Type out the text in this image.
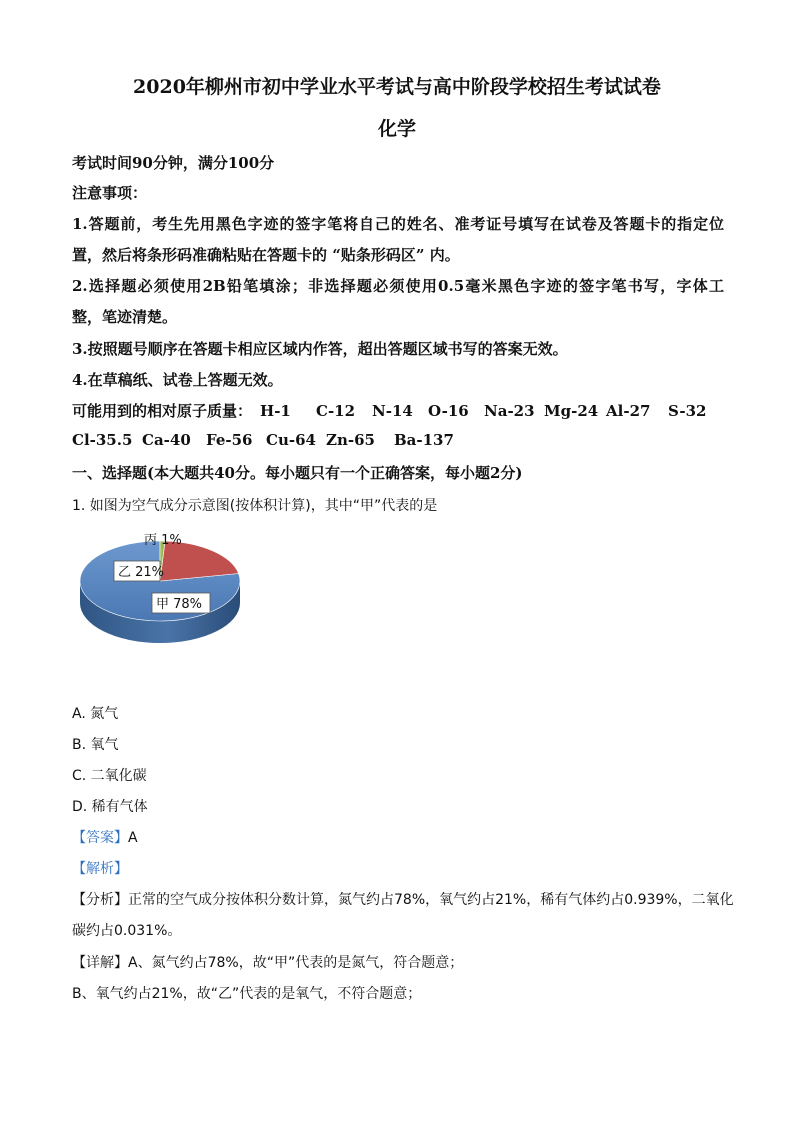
2020年柳州市初中学业水平考试与高中阶段学校招生考试试卷
化学
考试时间90分钟，满分100分
注意事项：
1.答题前，考生先用黑色字迹的签字笔将自己的姓名、准考证号填写在试卷及答题卡的指定位
置，然后将条形码准确粘贴在答题卡的 “贴条形码区” 内。
2.选择题必须使用2B铅笔填涂；非选择题必须使用0.5毫米黑色字迹的签字笔书写，字体工
整，笔迹清楚。
3.按照题号顺序在答题卡相应区域内作答，超出答题区域书写的答案无效。
4.在草稿纸、试卷上答题无效。
可能用到的相对原子质量： H-1 C-12 N-14 O-16 Na-23 Mg-24 Al-27 S-32
Cl-35.5 Ca-40 Fe-56 Cu-64 Zn-65 Ba-137
一、选择题(本大题共40分。每小题只有一个正确答案，每小题2分)
1. 如图为空气成分示意图(按体积计算)，其中“甲”代表的是
甲 78%
乙 21%
丙 1%
A. 氮气
B. 氧气
C. 二氧化碳
D. 稀有气体
【答案】A
【解析】
【分析】正常的空气成分按体积分数计算，氮气约占78%，氧气约占21%，稀有气体约占0.939%，二氧化
碳约占0.031%。
【详解】A、氮气约占78%，故“甲”代表的是氮气，符合题意；
B、氧气约占21%，故“乙”代表的是氧气，不符合题意；
